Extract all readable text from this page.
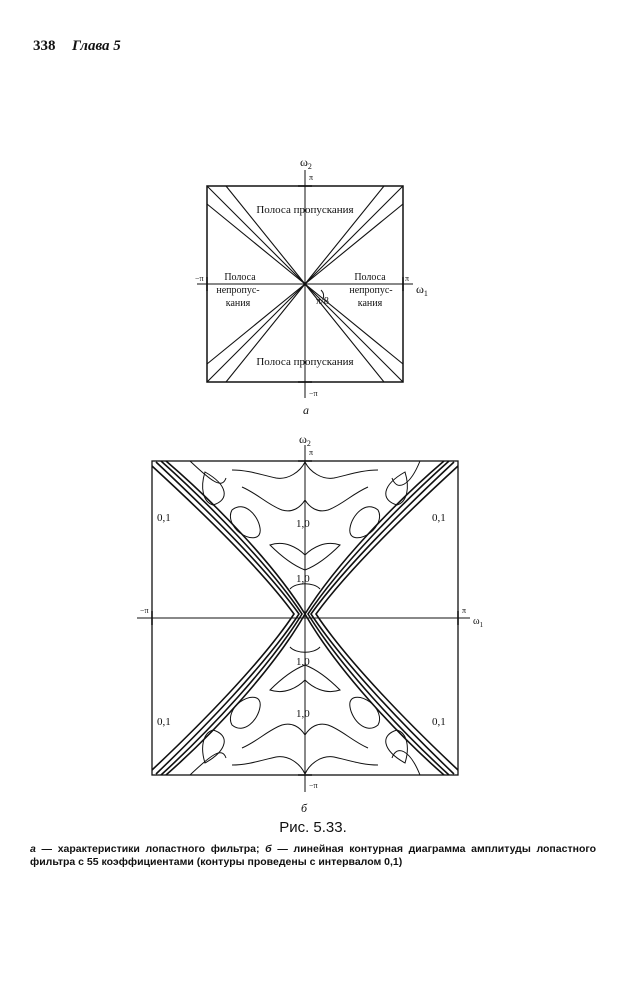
338 Глава 5
$\omega_2$
π
−π
−π	π
$\omega_1$
Полоса пропускания
Полоса пропускания
Полоса
непропус-
кания
Полоса
непропус-
кания
π/8
а
$\omega_2$
π
−π
−π	π
$\omega_1$
0,1	0,1
0,1	0,1
1,0
1,0
1,0
1,0
б
Рис. 5.33.
а — характеристики лопастного фильтра; б — линейная контурная диаграмма амплитуды лопастного фильтра с 55 коэффициентами (контуры проведены с интервалом 0,1)
